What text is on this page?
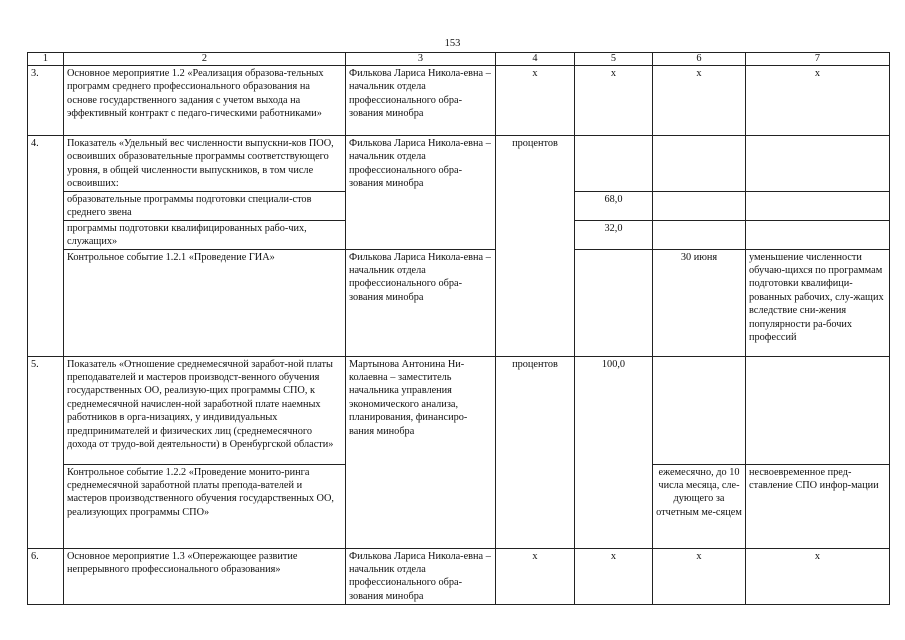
153
1	2	3	4	5	6	7
3.	Основное мероприятие 1.2 «Реализация образова-тельных программ среднего профессионального образования на основе государственного задания с учетом выхода на эффективный контракт с педаго-гическими работниками»	Филькова Лариса Никола-евна – начальник отдела профессионального обра-зования минобра	x	x	x	x
4.	Показатель «Удельный вес численности выпускни-ков ПОО, освоивших образовательные программы соответствующего уровня, в общей численности выпускников, в том числе освоивших:	Филькова Лариса Никола-евна – начальник отдела профессионального обра-зования минобра	процентов			
	образовательные программы подготовки специали-стов среднего звена			68,0		
	программы подготовки квалифицированных рабо-чих, служащих»			32,0		
	Контрольное событие 1.2.1 «Проведение ГИА»	Филькова Лариса Никола-евна – начальник отдела профессионального обра-зования минобра			30 июня	уменьшение численности обучаю-щихся по программам подготовки квалифици-рованных рабочих, слу-жащих вследствие сни-жения популярности ра-бочих профессий
5.	Показатель «Отношение среднемесячной заработ-ной платы преподавателей и мастеров производст-венного обучения государственных ОО, реализую-щих программы СПО, к среднемесячной начислен-ной заработной плате наемных работников в орга-низациях, у индивидуальных предпринимателей и физических лиц (среднемесячного дохода от трудо-вой деятельности) в Оренбургской области»	Мартынова Антонина Ни-колаевна – заместитель начальника управления экономического анализа, планирования, финансиро-вания минобра	процентов	100,0		
	Контрольное событие 1.2.2 «Проведение монито-ринга среднемесячной заработной платы препода-вателей и мастеров производственного обучения государственных ОО, реализующих программы СПО»				ежемесячно, до 10 числа месяца, сле-дующего за отчетным ме-сяцем	несвоевременное пред-ставление СПО инфор-мации
6.	Основное мероприятие 1.3 «Опережающее развитие непрерывного профессионального образования»	Филькова Лариса Никола-евна – начальник отдела профессионального обра-зования минобра	x	x	x	x
